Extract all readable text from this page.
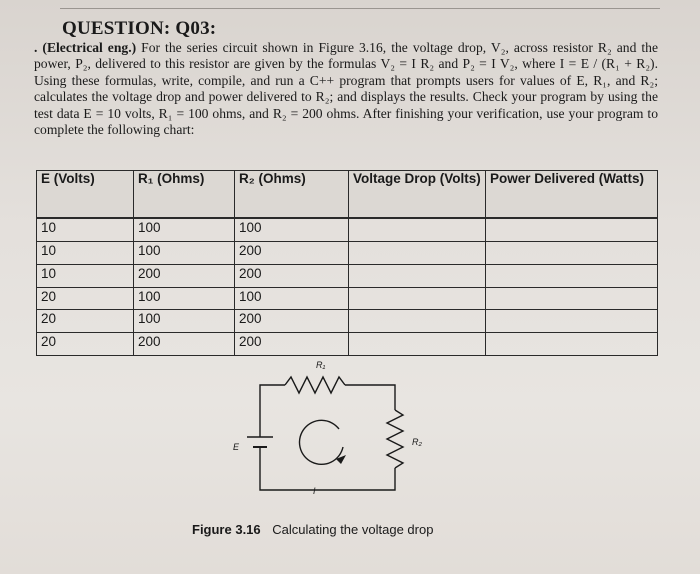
QUESTION: Q03:
. (Electrical eng.) For the series circuit shown in Figure 3.16, the voltage drop, V₂, across resistor R₂ and the power, P₂, delivered to this resistor are given by the formulas V₂ = I R₂ and P₂ = I V₂, where I = E / (R₁ + R₂). Using these formulas, write, compile, and run a C++ program that prompts users for values of E, R₁, and R₂; calculates the voltage drop and power delivered to R₂; and displays the results. Check your program by using the test data E = 10 volts, R₁ = 100 ohms, and R₂ = 200 ohms. After finishing your verification, use your program to complete the following chart:
E (Volts)	R₁ (Ohms)	R₂ (Ohms)	Voltage Drop (Volts)	Power Delivered (Watts)
10	100	100		
10	100	200		
10	200	200		
20	100	100		
20	100	200		
20	200	200		
R₁
R₂
E
I
Figure 3.16 Calculating the voltage drop
